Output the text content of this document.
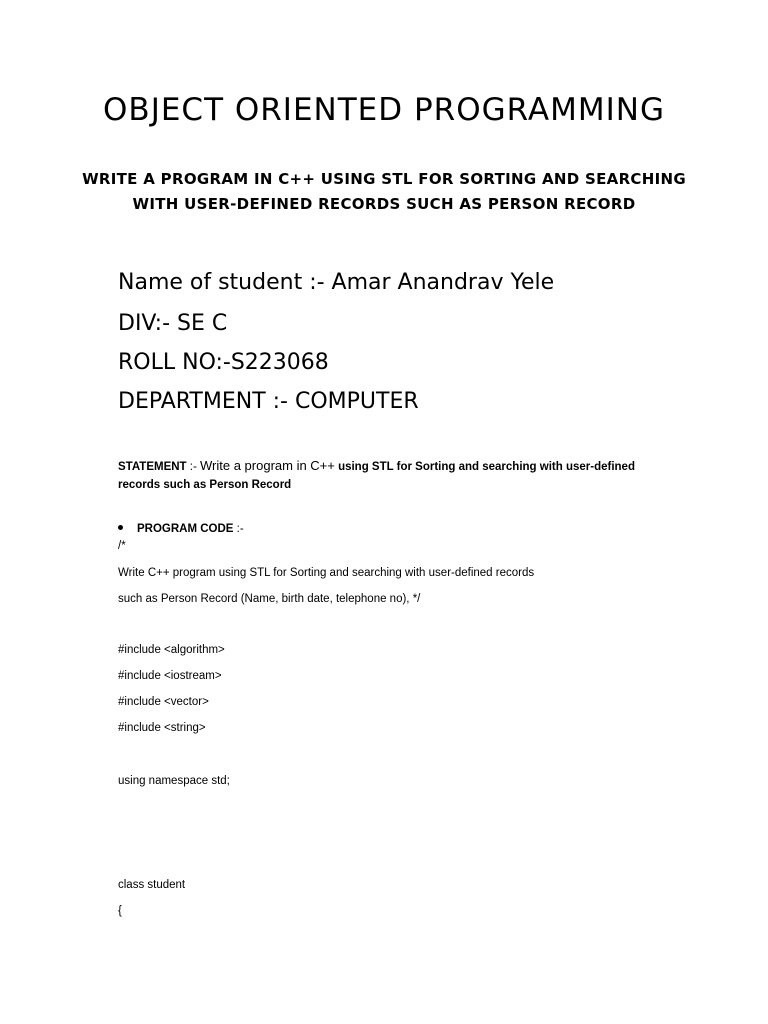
OBJECT ORIENTED PROGRAMMING
WRITE A PROGRAM IN C++ USING STL FOR SORTING AND SEARCHING
WITH USER-DEFINED RECORDS SUCH AS PERSON RECORD
Name of student :- Amar Anandrav Yele
DIV:- SE C
ROLL NO:-S223068
DEPARTMENT :- COMPUTER
STATEMENT :- Write a program in C++ using STL for Sorting and searching with user-defined
records such as Person Record
PROGRAM CODE :-
/*
Write C++ program using STL for Sorting and searching with user-defined records
such as Person Record (Name, birth date, telephone no), */
#include <algorithm>
#include <iostream>
#include <vector>
#include <string>
using namespace std;
class student
{
